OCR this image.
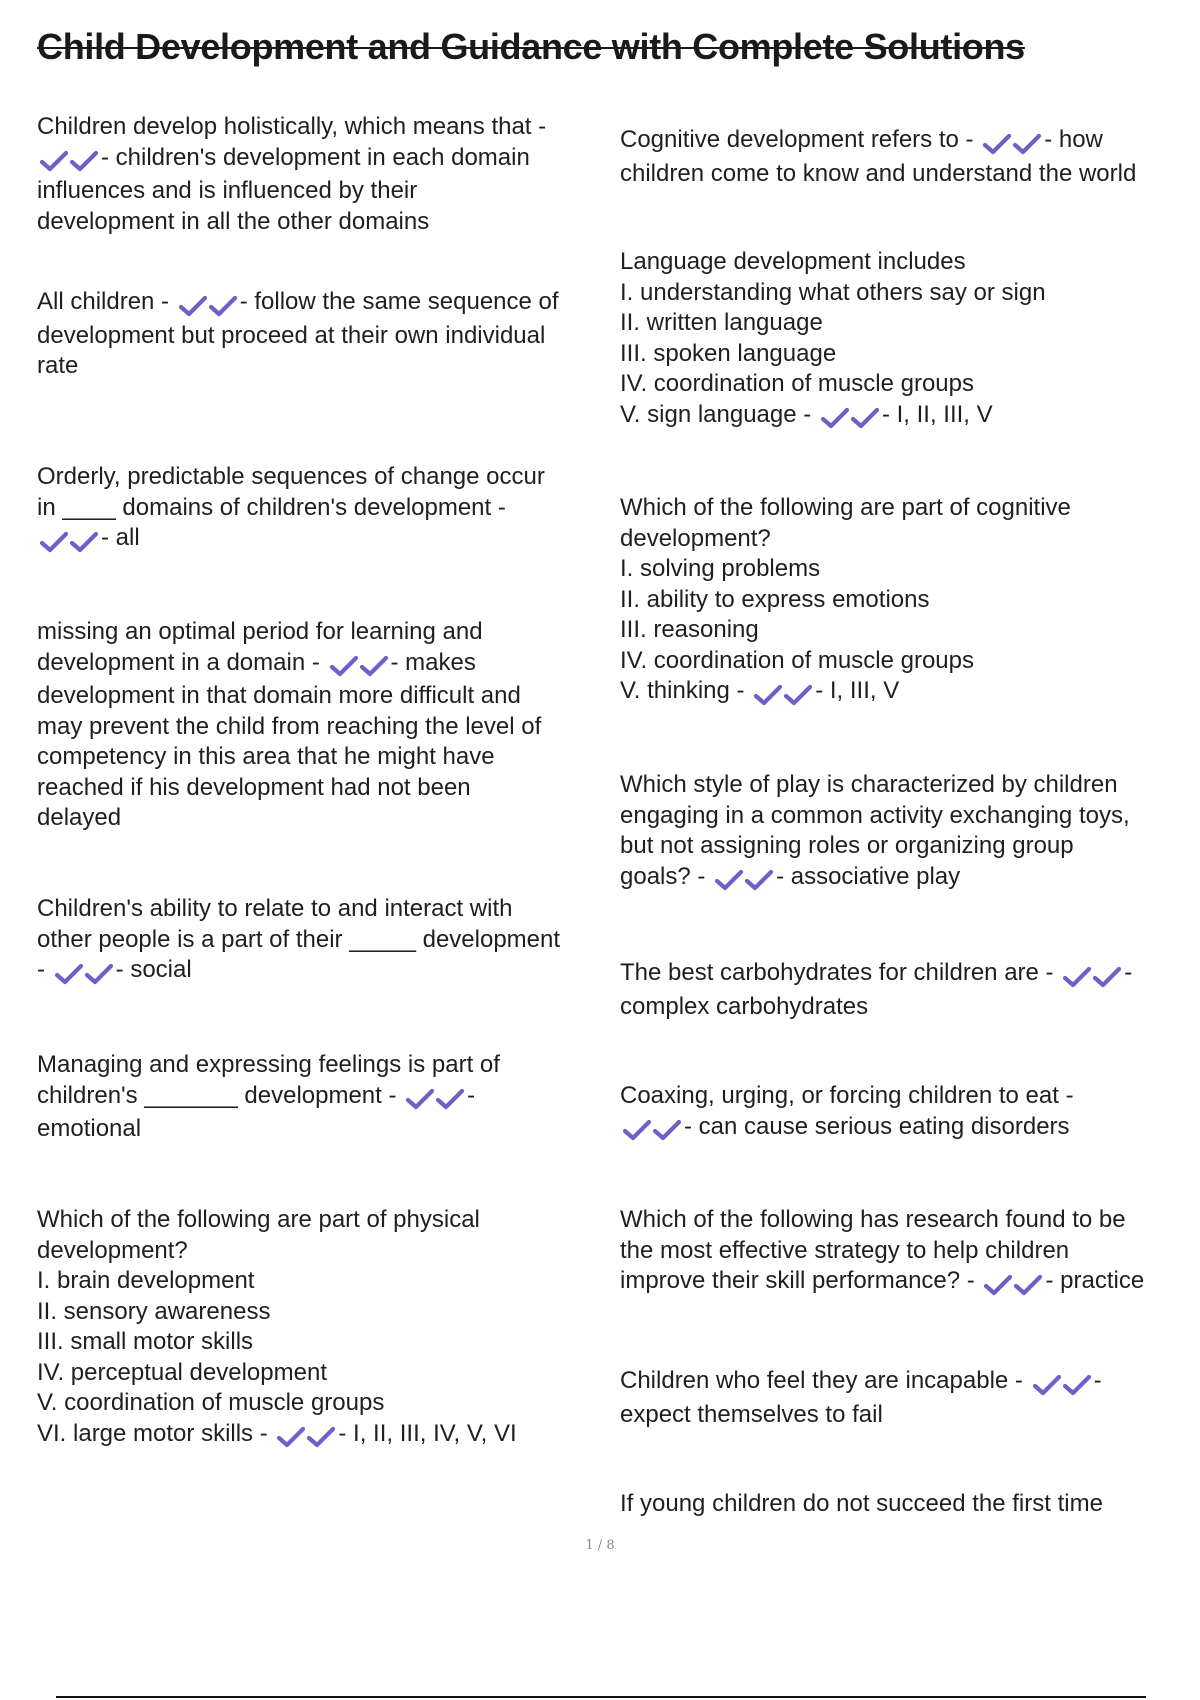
Child Development and Guidance with Complete Solutions
Children develop holistically, which means that -
- children's development in each domain
influences and is influenced by their
development in all the other domains
All children -	- follow the same sequence of
development but proceed at their own individual
rate
Orderly, predictable sequences of change occur
in ____ domains of children's development -
- all
missing an optimal period for learning and
development in a domain -	- makes
development in that domain more difficult and
may prevent the child from reaching the level of
competency in this area that he might have
reached if his development had not been
delayed
Children's ability to relate to and interact with
other people is a part of their _____ development
-	- social
Managing and expressing feelings is part of
children's _______ development -	-
emotional
Which of the following are part of physical
development?
I. brain development
II. sensory awareness
III. small motor skills
IV. perceptual development
V. coordination of muscle groups
VI. large motor skills -	- I, II, III, IV, V, VI
Cognitive development refers to -	- how
children come to know and understand the world
Language development includes
I. understanding what others say or sign
II. written language
III. spoken language
IV. coordination of muscle groups
V. sign language -	- I, II, III, V
Which of the following are part of cognitive
development?
I. solving problems
II. ability to express emotions
III. reasoning
IV. coordination of muscle groups
V. thinking -	- I, III, V
Which style of play is characterized by children
engaging in a common activity exchanging toys,
but not assigning roles or organizing group
goals? -	- associative play
The best carbohydrates for children are -	-
complex carbohydrates
Coaxing, urging, or forcing children to eat -
- can cause serious eating disorders
Which of the following has research found to be
the most effective strategy to help children
improve their skill performance? -	- practice
Children who feel they are incapable -	-
expect themselves to fail
If young children do not succeed the first time
1 / 8
